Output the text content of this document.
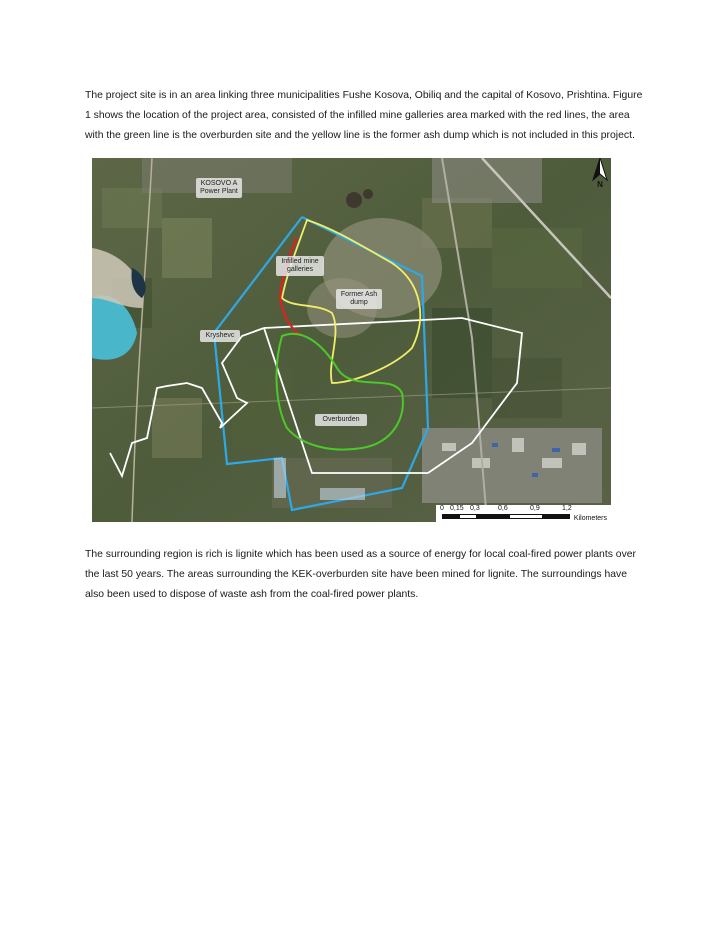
The project site is in an area linking three municipalities Fushe Kosova, Obiliq and the capital of Kosovo, Prishtina. Figure 1 shows the location of the project area, consisted of the infilled mine galleries area marked with the red lines, the area with the green line is the overburden site and the yellow line is the former ash dump which is not included in this project.

KOSOVO A
Power Plant
Infilled mine
galleries
Former Ash
dump
Kryshevc
Overburden
N
0 0,15 0,3	0,6	0,9	1,2
Kilometers

The surrounding region is rich is lignite which has been used as a source of energy for local coal-fired power plants over the last 50 years. The areas surrounding the KEK-overburden site have been mined for lignite. The surroundings have also been used to dispose of waste ash from the coal-fired power plants.
